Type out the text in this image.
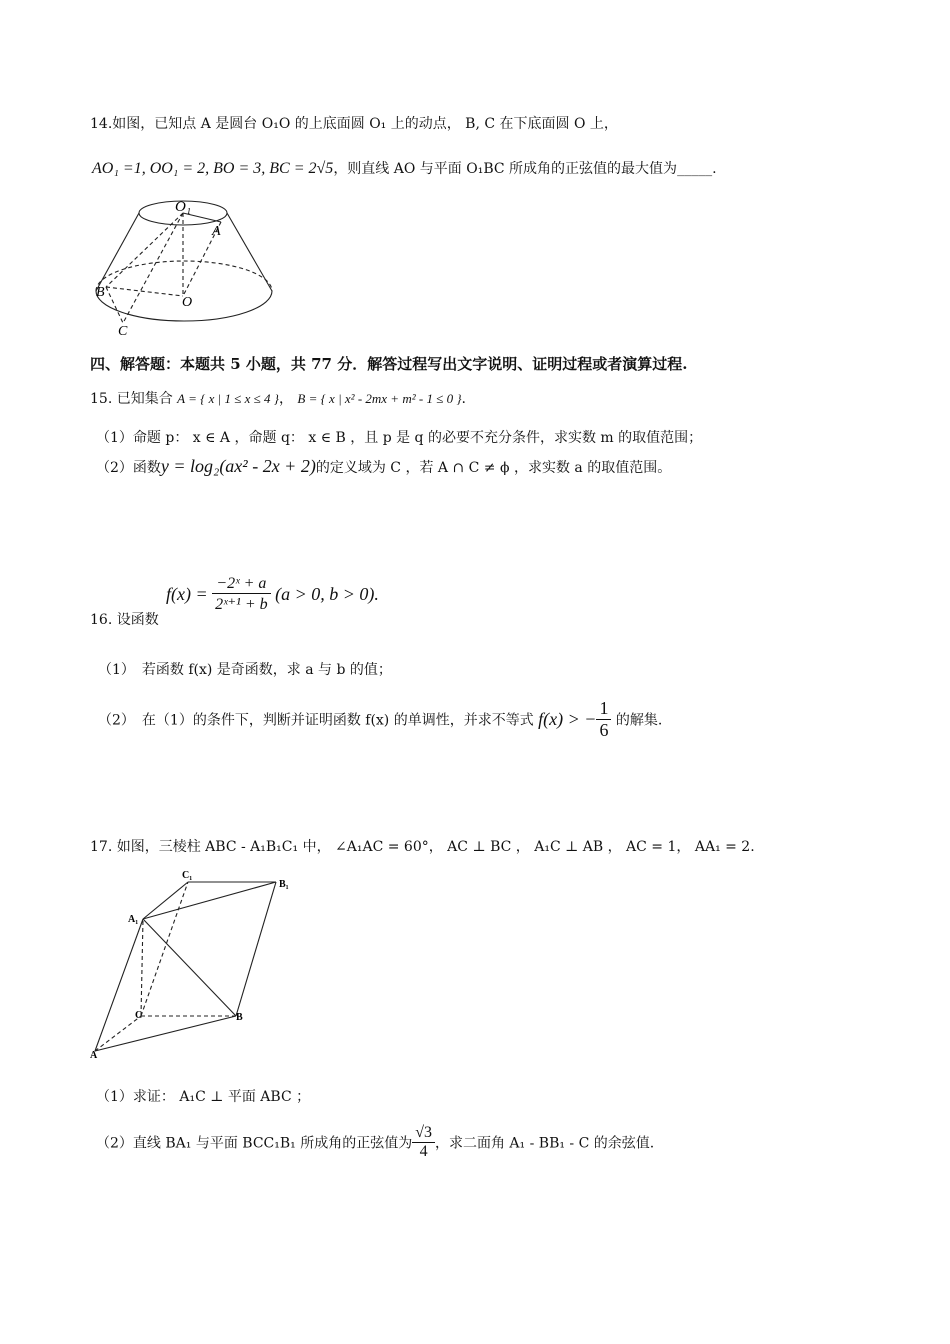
14.如图，已知点 A 是圆台 O₁O 的上底面圆 O₁ 上的动点， B, C 在下底面圆 O 上，
AO₁ =1, OO₁ = 2, BO = 3, BC = 2√5，则直线 AO 与平面 O₁BC 所成角的正弦值的最大值为_____.
O₁
A
B
O
C
四、解答题：本题共 5 小题，共 77 分．解答过程写出文字说明、证明过程或者演算过程.
15. 已知集合 A = { x | 1 ≤ x ≤ 4 }， B = { x | x² - 2mx + m² - 1 ≤ 0 }.
（1）命题 p： x ∈ A ，命题 q： x ∈ B ，且 p 是 q 的必要不充分条件，求实数 m 的取值范围；
（2）函数y = log₂(ax² - 2x + 2)的定义域为 C ，若 A ∩ C ≠ ϕ ，求实数 a 的取值范围。
16. 设函数
$f(x) = \frac{\text{−2ˣ + a}}{\text{2ˣ⁺¹ + b}} (a > 0$, b > 0).
（1）　若函数 f(x) 是奇函数，求 a 与 b 的值；
（2）　在（1）的条件下，判断并证明函数 f(x) 的单调性，并求不等式 f(x) > − $\frac{1}{6}$ 的解集.
17. 如图，三棱柱 ABC - A₁B₁C₁ 中， ∠A₁AC = 60°， AC ⊥ BC ， A₁C ⊥ AB ， AC = 1， AA₁ = 2.
C₁
B₁
A₁
C	B
A
（1）求证： A₁C ⊥ 平面 ABC ；
（2）直线 BA₁ 与平面 BCC₁B₁ 所成角的正弦值为 $\frac{√3}{4}$ ，求二面角 A₁ - BB₁ - C 的余弦值.
